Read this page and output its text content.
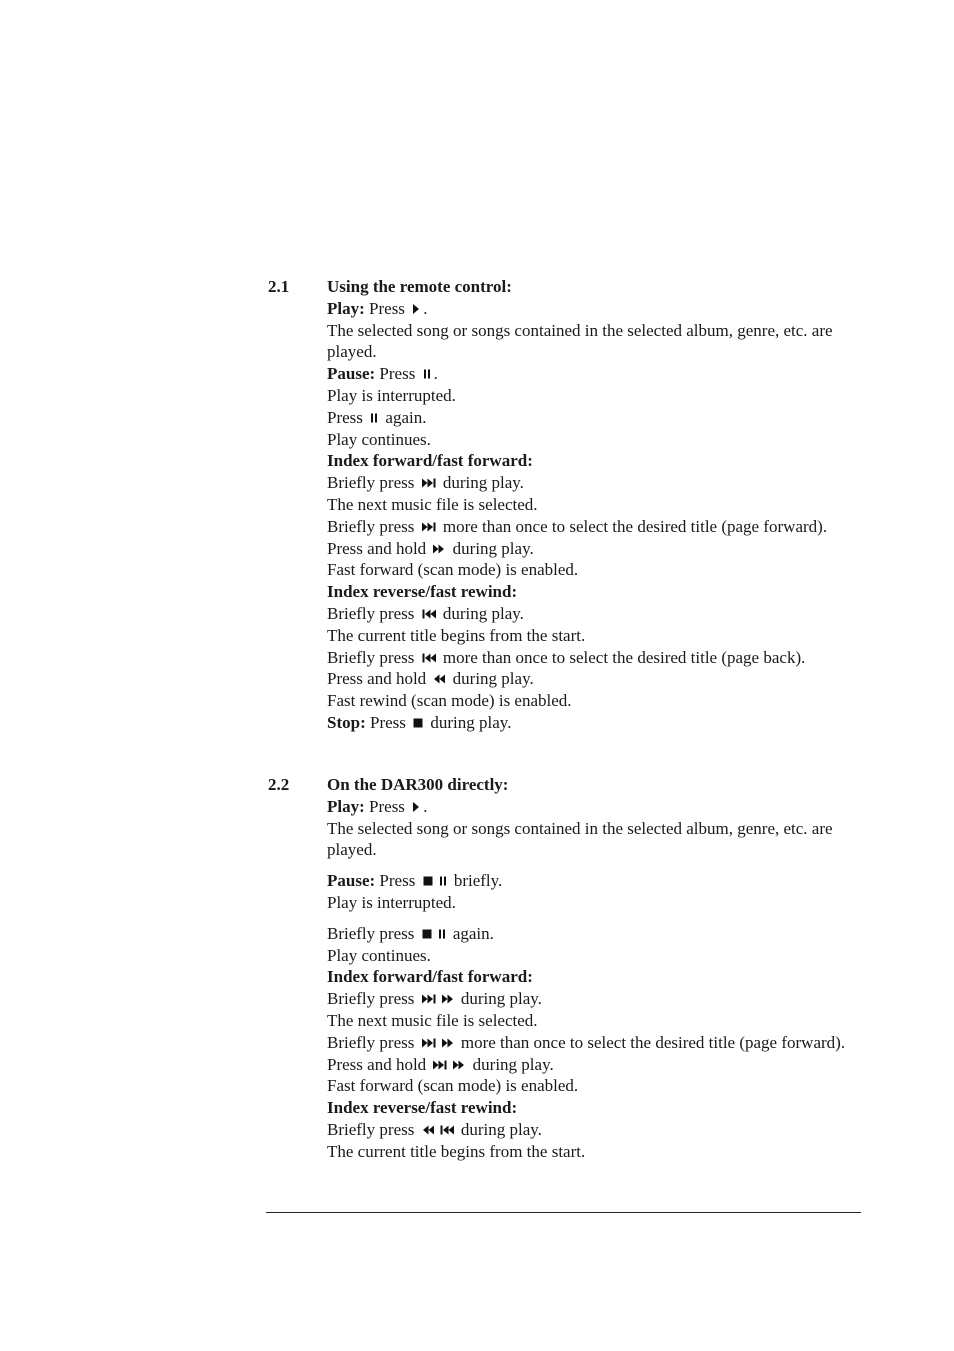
2.1 Using the remote control:

Play: Press .

The selected song or songs contained in the selected album, genre, etc. are played.

Pause: Press .

Play is interrupted.

Press again.

Play continues.

Index forward/fast forward:

Briefly press during play.

The next music file is selected.

Briefly press more than once to select the desired title (page forward).

Press and hold during play.

Fast forward (scan mode) is enabled.

Index reverse/fast rewind:

Briefly press during play.

The current title begins from the start.

Briefly press more than once to select the desired title (page back).

Press and hold during play.

Fast rewind (scan mode) is enabled.

Stop: Press during play.

2.2 On the DAR300 directly:

Play: Press .

The selected song or songs contained in the selected album, genre, etc. are played.

Pause: Press briefly.

Play is interrupted.

Briefly press again.

Play continues.

Index forward/fast forward:

Briefly press	during play.

The next music file is selected.

Briefly press	more than once to select the desired title (page forward).

Press and hold	during play.

Fast forward (scan mode) is enabled.

Index reverse/fast rewind:

Briefly press	during play.

The current title begins from the start.
